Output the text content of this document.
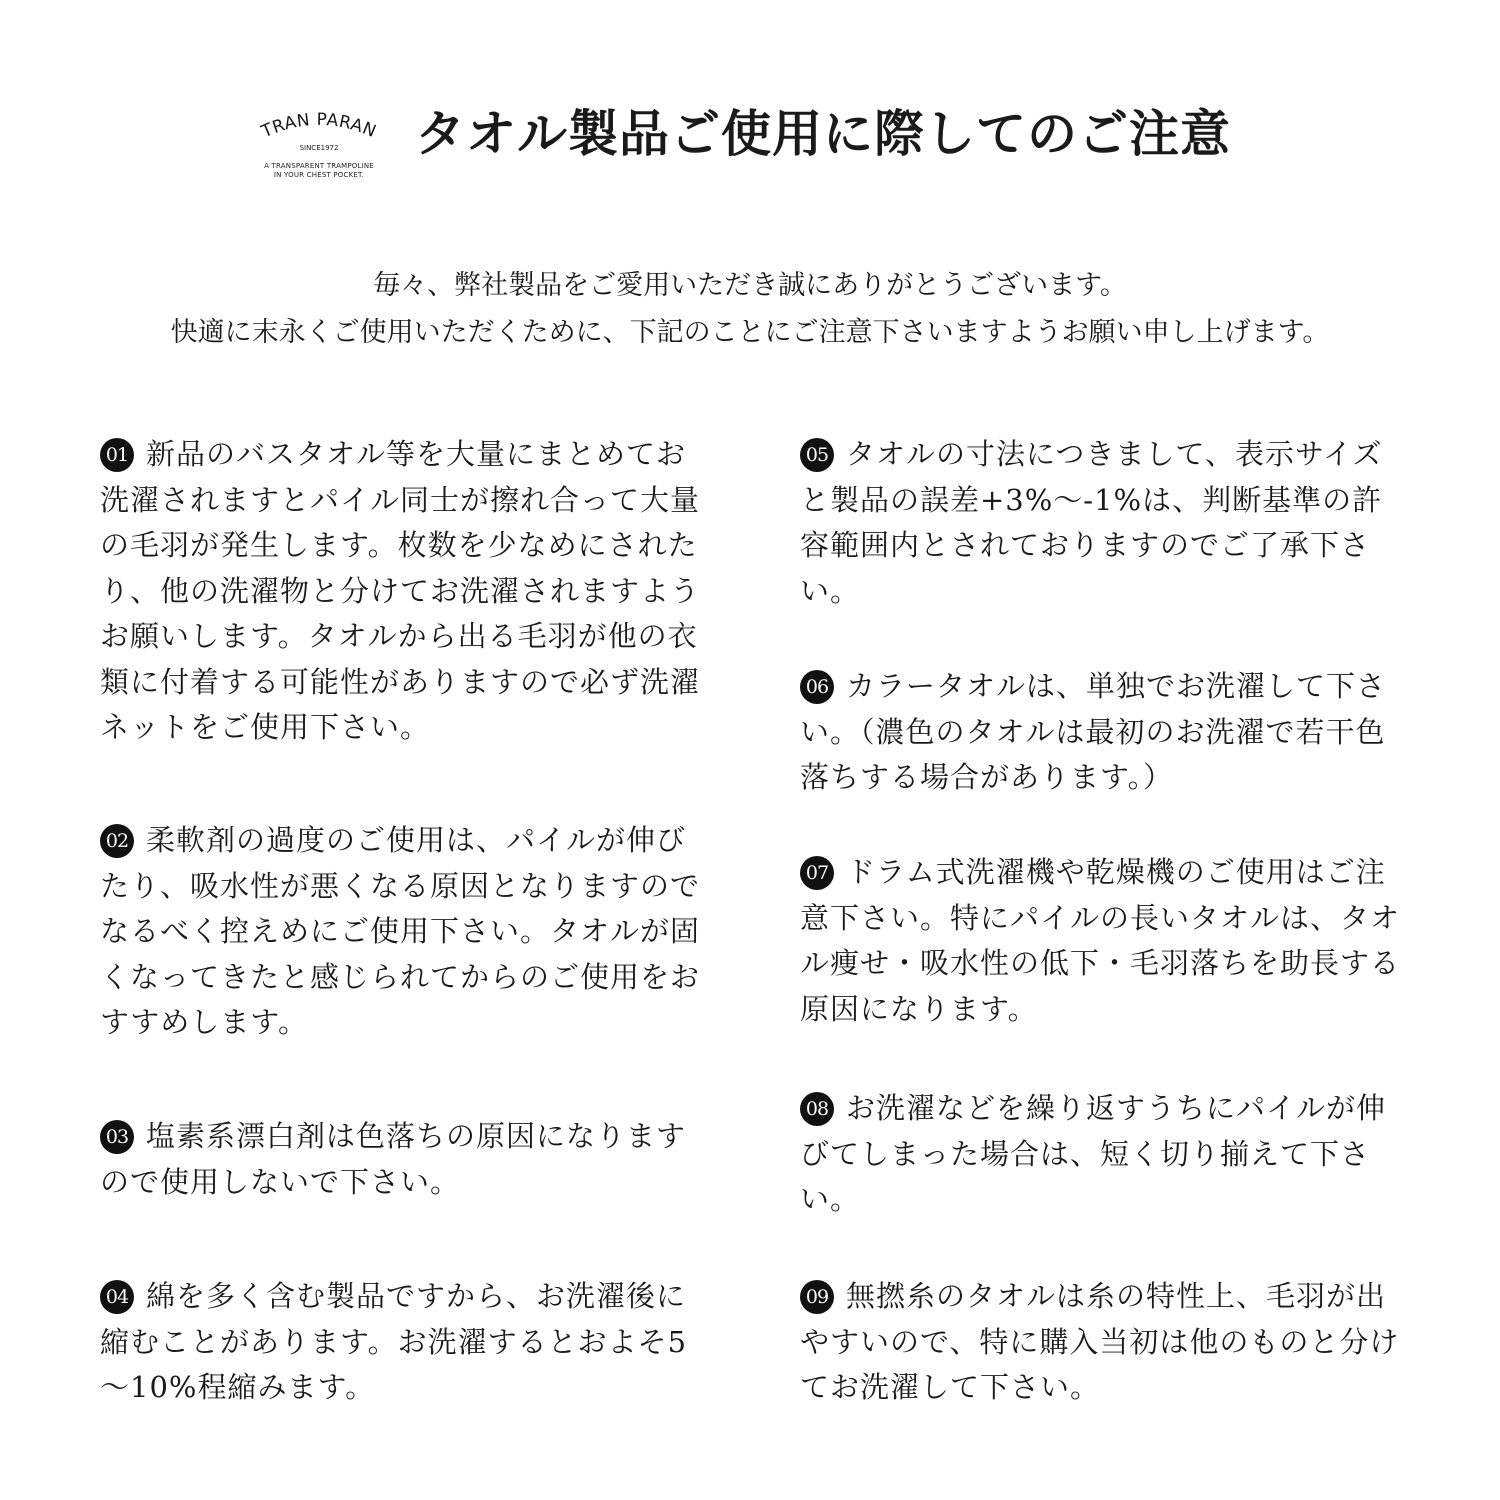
TRAN PARAN
SINCE1972
A TRANSPARENT TRAMPOLINE
IN YOUR CHEST POCKET.
タオル製品ご使用に際してのご注意
毎々、弊社製品をご愛用いただき誠にありがとうございます。
快適に末永くご使用いただくために、下記のことにご注意下さいますようお願い申し上げます。
01 新品のバスタオル等を大量にまとめてお洗濯されますとパイル同士が擦れ合って大量の毛羽が発生します。枚数を少なめにされたり、他の洗濯物と分けてお洗濯されますようお願いします。タオルから出る毛羽が他の衣類に付着する可能性がありますので必ず洗濯ネットをご使用下さい。
02 柔軟剤の過度のご使用は、パイルが伸びたり、吸水性が悪くなる原因となりますのでなるべく控えめにご使用下さい。タオルが固くなってきたと感じられてからのご使用をおすすめします。
03 塩素系漂白剤は色落ちの原因になりますので使用しないで下さい。
04 綿を多く含む製品ですから、お洗濯後に縮むことがあります。お洗濯するとおよそ5～10%程縮みます。
05 タオルの寸法につきまして、表示サイズと製品の誤差+3%～-1%は、判断基準の許容範囲内とされておりますのでご了承下さい。
06 カラータオルは、単独でお洗濯して下さい。（濃色のタオルは最初のお洗濯で若干色落ちする場合があります。）
07 ドラム式洗濯機や乾燥機のご使用はご注意下さい。特にパイルの長いタオルは、タオル痩せ・吸水性の低下・毛羽落ちを助長する原因になります。
08 お洗濯などを繰り返すうちにパイルが伸びてしまった場合は、短く切り揃えて下さい。
09 無撚糸のタオルは糸の特性上、毛羽が出やすいので、特に購入当初は他のものと分けてお洗濯して下さい。
